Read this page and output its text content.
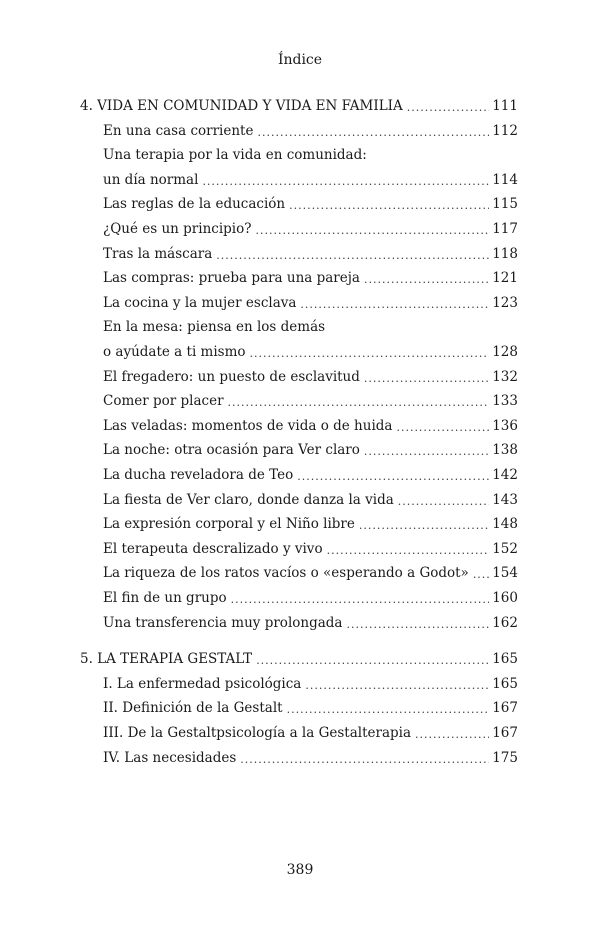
Índice
4. VIDA EN COMUNIDAD Y VIDA EN FAMILIA .....	111
En una casa corriente .....	112
Una terapia por la vida en comunidad:
un día normal .....	114
Las reglas de la educación .....	115
¿Qué es un principio? .....	117
Tras la máscara .....	118
Las compras: prueba para una pareja .....	121
La cocina y la mujer esclava .....	123
En la mesa: piensa en los demás
o ayúdate a ti mismo .....	128
El fregadero: un puesto de esclavitud .....	132
Comer por placer .....	133
Las veladas: momentos de vida o de huida .....	136
La noche: otra ocasión para Ver claro .....	138
La ducha reveladora de Teo .....	142
La fiesta de Ver claro, donde danza la vida .....	143
La expresión corporal y el Niño libre .....	148
El terapeuta descralizado y vivo .....	152
La riqueza de los ratos vacíos o «esperando a Godot» ..... 154
El fin de un grupo .....	160
Una transferencia muy prolongada .....	162
5. LA TERAPIA GESTALT .....	165
I. La enfermedad psicológica .....	165
II. Definición de la Gestalt .....	167
III. De la Gestaltpsicología a la Gestalterapia .....	167
IV. Las necesidades .....	175
389
